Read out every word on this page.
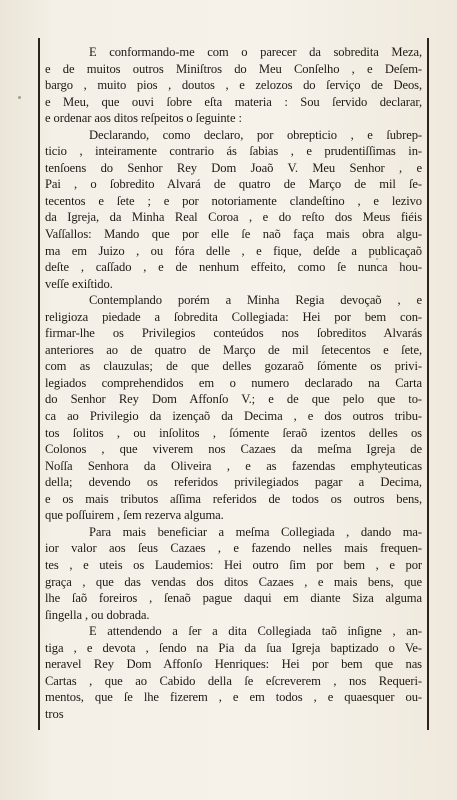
E conformando-me com o parecer da sobredita Meza,
e de muitos outros Miniſtros do Meu Conſelho , e Deſem-
bargo , muito pios , doutos , e zelozos do ſerviço de Deos,
e Meu, que ouvi ſobre eſta materia : Sou ſervido declarar,
e ordenar aos ditos reſpeitos o ſeguinte :
Declarando, como declaro, por obrepticio , e ſubrep-
ticio , inteiramente contrario ás ſabias , e prudentiſſimas in-
tenſoens do Senhor Rey Dom Joaõ V. Meu Senhor , e
Pai , o ſobredito Alvará de quatro de Março de mil ſe-
tecentos e ſete ; e por notoriamente clandeſtino , e lezivo
da Igreja, da Minha Real Coroa , e do reſto dos Meus fiéis
Vaſſallos: Mando que por elle ſe naõ faça mais obra algu-
ma em Juizo , ou fóra delle , e fique, deſde a publicaçaõ
deſte , caſſado , e de nenhum effeito, como ſe nunca hou-
veſſe exiſtido.
Contemplando porém a Minha Regia devoçaõ , e
religioza piedade a ſobredita Collegiada: Hei por bem con-
firmar-lhe os Privilegios conteúdos nos ſobreditos Alvarás
anteriores ao de quatro de Março de mil ſetecentos e ſete,
com as clauzulas; de que delles gozaraõ ſómente os privi-
legiados comprehendidos em o numero declarado na Carta
do Senhor Rey Dom Affonſo V.; e de que pelo que to-
ca ao Privilegio da izençaõ da Decima , e dos outros tribu-
tos ſolitos , ou inſolitos , ſómente ſeraõ izentos delles os
Colonos , que viverem nos Cazaes da meſma Igreja de
Noſſa Senhora da Oliveira , e as fazendas emphyteuticas
della; devendo os referidos privilegiados pagar a Decima,
e os mais tributos aſſima referidos de todos os outros bens,
que poſſuirem , ſem rezerva alguma.
Para mais beneficiar a meſma Collegiada , dando ma-
ior valor aos ſeus Cazaes , e fazendo nelles mais frequen-
tes , e uteis os Laudemios: Hei outro ſim por bem , e por
graça , que das vendas dos ditos Cazaes , e mais bens, que
lhe ſaõ foreiros , ſenaõ pague daqui em diante Siza alguma
ſingella , ou dobrada.
E attendendo a ſer a dita Collegiada taõ inſigne , an-
tiga , e devota , ſendo na Pia da ſua Igreja baptizado o Ve-
neravel Rey Dom Affonſo Henriques: Hei por bem que nas
Cartas , que ao Cabido della ſe eſcreverem , nos Requeri-
mentos, que ſe lhe fizerem , e em todos , e quaesquer ou-
tros
